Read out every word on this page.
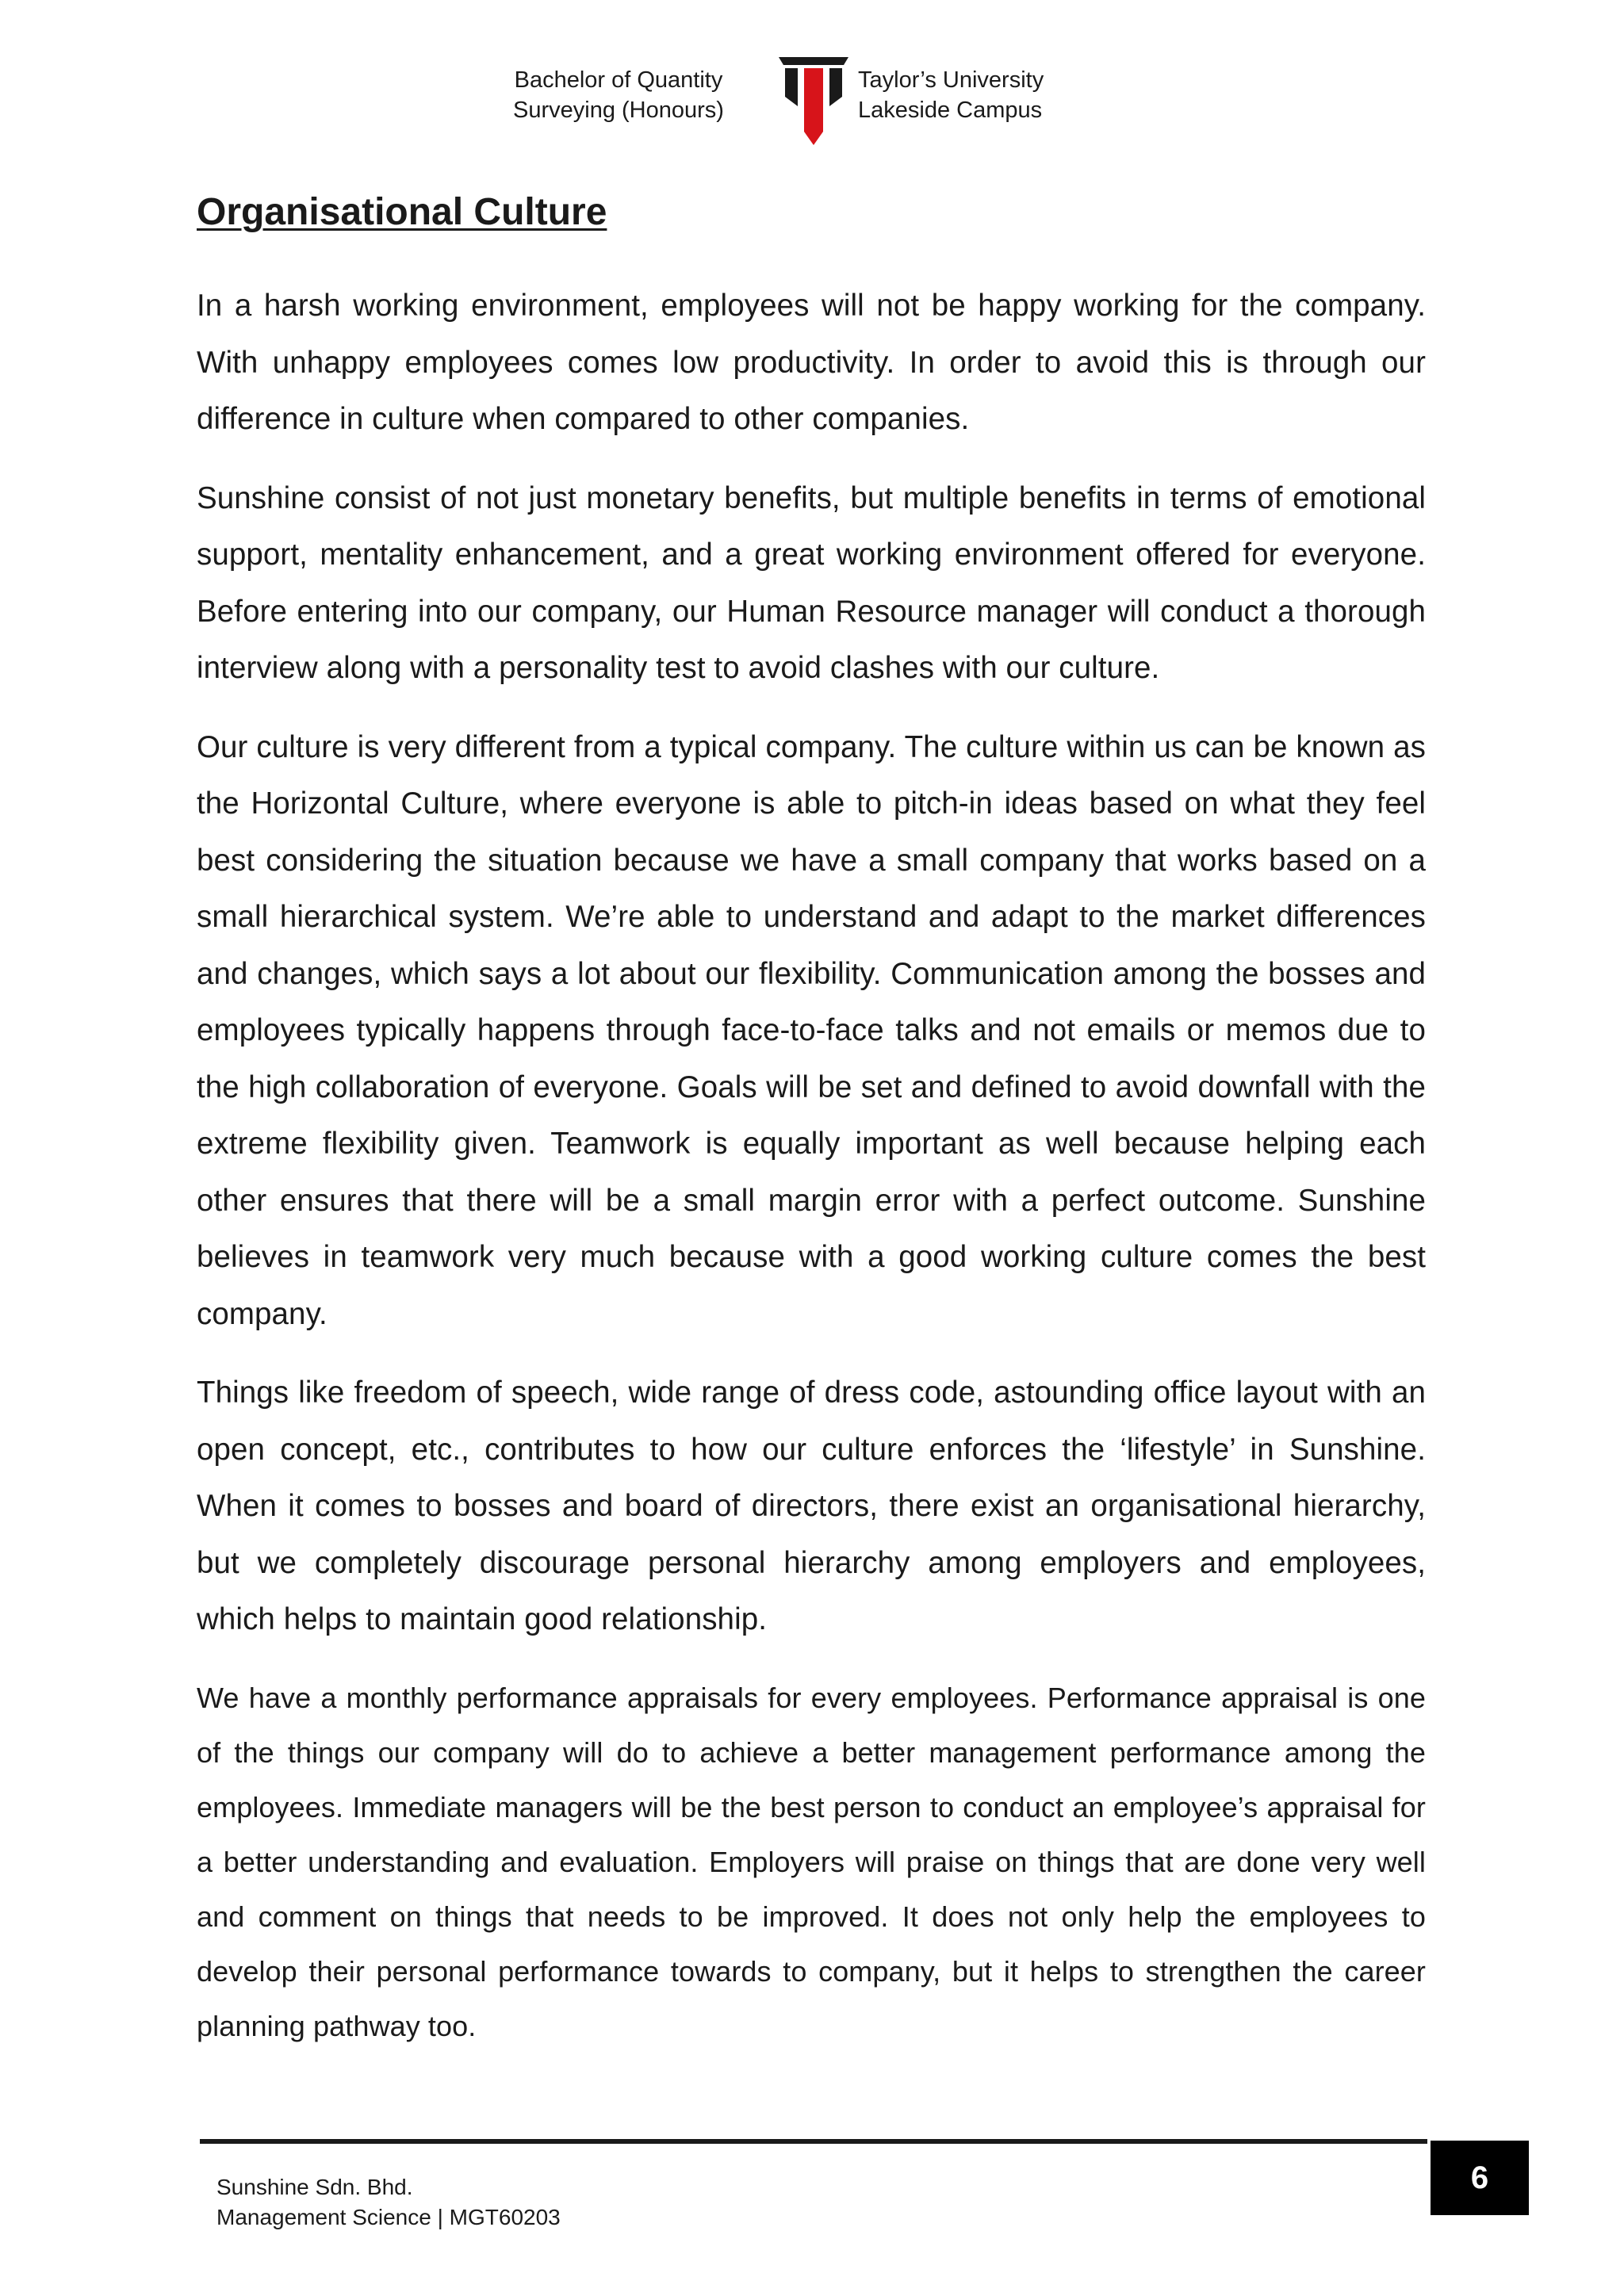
Bachelor of Quantity
Surveying (Honours)
Taylor’s University
Lakeside Campus
Organisational Culture

In a harsh working environment, employees will not be happy working for the company. With unhappy employees comes low productivity. In order to avoid this is through our difference in culture when compared to other companies.

Sunshine consist of not just monetary benefits, but multiple benefits in terms of emotional support, mentality enhancement, and a great working environment offered for everyone. Before entering into our company, our Human Resource manager will conduct a thorough interview along with a personality test to avoid clashes with our culture.

Our culture is very different from a typical company. The culture within us can be known as the Horizontal Culture, where everyone is able to pitch-in ideas based on what they feel best considering the situation because we have a small company that works based on a small hierarchical system. We’re able to understand and adapt to the market differences and changes, which says a lot about our flexibility. Communication among the bosses and employees typically happens through face-to-face talks and not emails or memos due to the high collaboration of everyone. Goals will be set and defined to avoid downfall with the extreme flexibility given. Teamwork is equally important as well because helping each other ensures that there will be a small margin error with a perfect outcome. Sunshine believes in teamwork very much because with a good working culture comes the best company.

Things like freedom of speech, wide range of dress code, astounding office layout with an open concept, etc., contributes to how our culture enforces the ‘lifestyle’ in Sunshine. When it comes to bosses and board of directors, there exist an organisational hierarchy, but we completely discourage personal hierarchy among employers and employees, which helps to maintain good relationship.

We have a monthly performance appraisals for every employees. Performance appraisal is one of the things our company will do to achieve a better management performance among the employees. Immediate managers will be the best person to conduct an employee’s appraisal for a better understanding and evaluation. Employers will praise on things that are done very well and comment on things that needs to be improved. It does not only help the employees to develop their personal performance towards to company, but it helps to strengthen the career planning pathway too.

Sunshine Sdn. Bhd.
Management Science | MGT60203
6
